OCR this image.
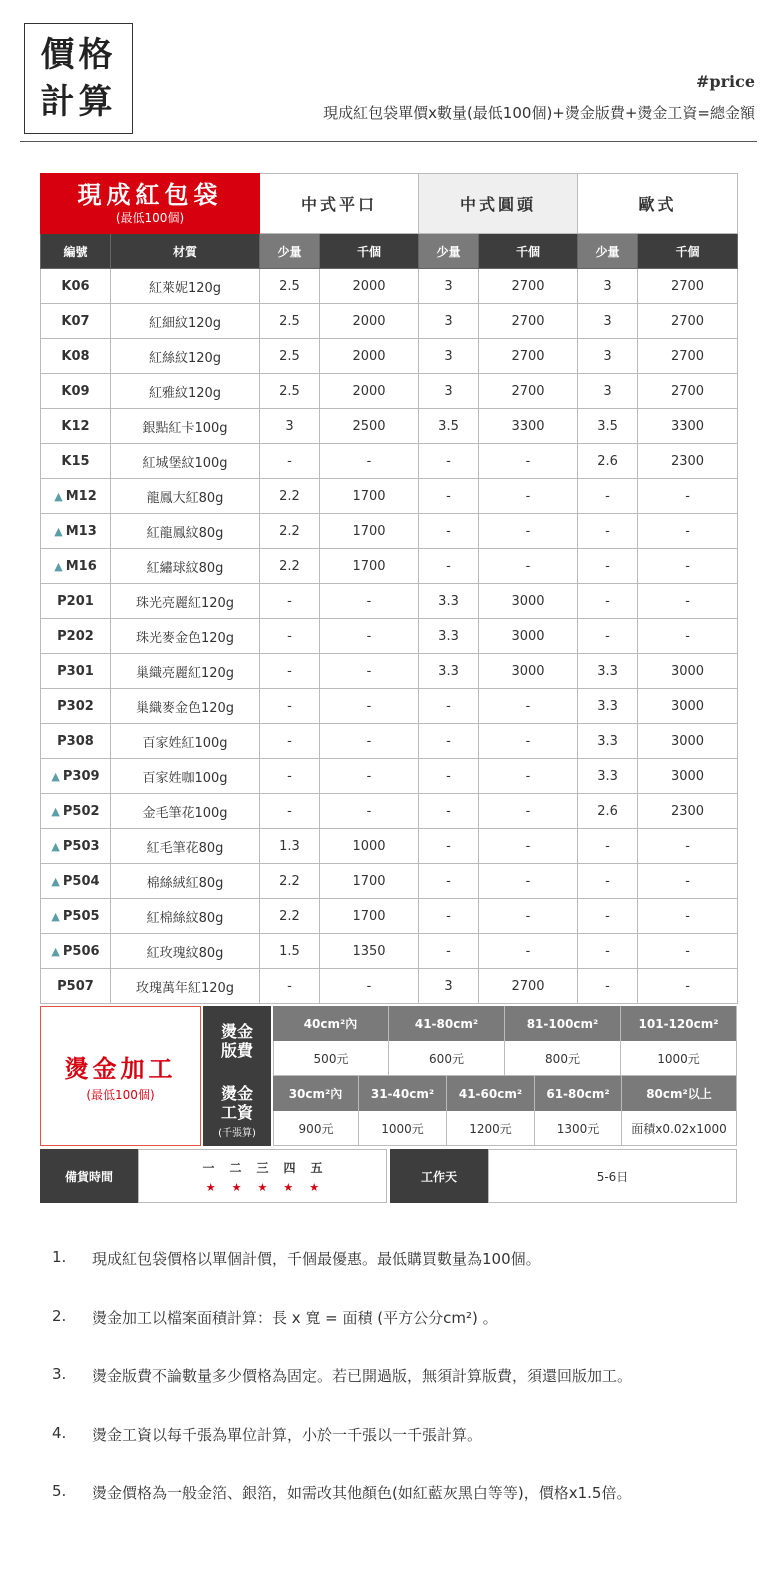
價格
計算	#price
現成紅包袋單價x數量(最低100個)+燙金版費+燙金工資=總金額
現成紅包袋
(最低100個)		中式平口		中式圓頭		歐式	
編號	材質	少量	千個	少量	千個	少量	千個
K06	紅萊妮120g	2.5	2000	3	2700	3	2700
K07	紅細紋120g	2.5	2000	3	2700	3	2700
K08	紅絲紋120g	2.5	2000	3	2700	3	2700
K09	紅雅紋120g	2.5	2000	3	2700	3	2700
K12	銀點紅卡100g	3	2500	3.5	3300	3.5	3300
K15	紅城堡紋100g	-	-	-	-	2.6	2300
▲ M12	龍鳳大紅80g	2.2	1700	-	-	-	-
▲ M13	紅龍鳳紋80g	2.2	1700	-	-	-	-
▲ M16	紅繡球紋80g	2.2	1700	-	-	-	-
P201	珠光亮麗紅120g	-	-	3.3	3000	-	-
P202	珠光麥金色120g	-	-	3.3	3000	-	-
P301	巢織亮麗紅120g	-	-	3.3	3000	3.3	3000
P302	巢織麥金色120g	-	-	-	-	3.3	3000
P308	百家姓紅100g	-	-	-	-	3.3	3000
▲ P309	百家姓咖100g	-	-	-	-	3.3	3000
▲ P502	金毛筆花100g	-	-	-	-	2.6	2300
▲ P503	紅毛筆花80g	1.3	1000	-	-	-	-
▲ P504	棉絲絨紅80g	2.2	1700	-	-	-	-
▲ P505	紅棉絲紋80g	2.2	1700	-	-	-	-
▲ P506	紅玫瑰紋80g	1.5	1350	-	-	-	-
P507	玫瑰萬年紅120g	-	-	3	2700	-	-
燙金加工
(最低100個)
燙金版費
40cm²內	41-80cm²	81-100cm²	101-120cm²
500元	600元	800元	1000元
燙金工資
(千張算)
30cm²內	31-40cm²	41-60cm²	61-80cm²	80cm²以上
900元	1000元	1200元	1300元	面積x0.02x1000
備貨時間
一 二 三 四 五
★ ★ ★ ★ ★
工作天	5-6日
1.	現成紅包袋價格以單個計價，千個最優惠。最低購買數量為100個。
2.	燙金加工以檔案面積計算：長 x 寬 = 面積 (平方公分cm²) 。
3.	燙金版費不論數量多少價格為固定。若已開過版，無須計算版費，須還回版加工。
4.	燙金工資以每千張為單位計算，小於一千張以一千張計算。
5.	燙金價格為一般金箔、銀箔，如需改其他顏色(如紅藍灰黑白等等)，價格x1.5倍。
